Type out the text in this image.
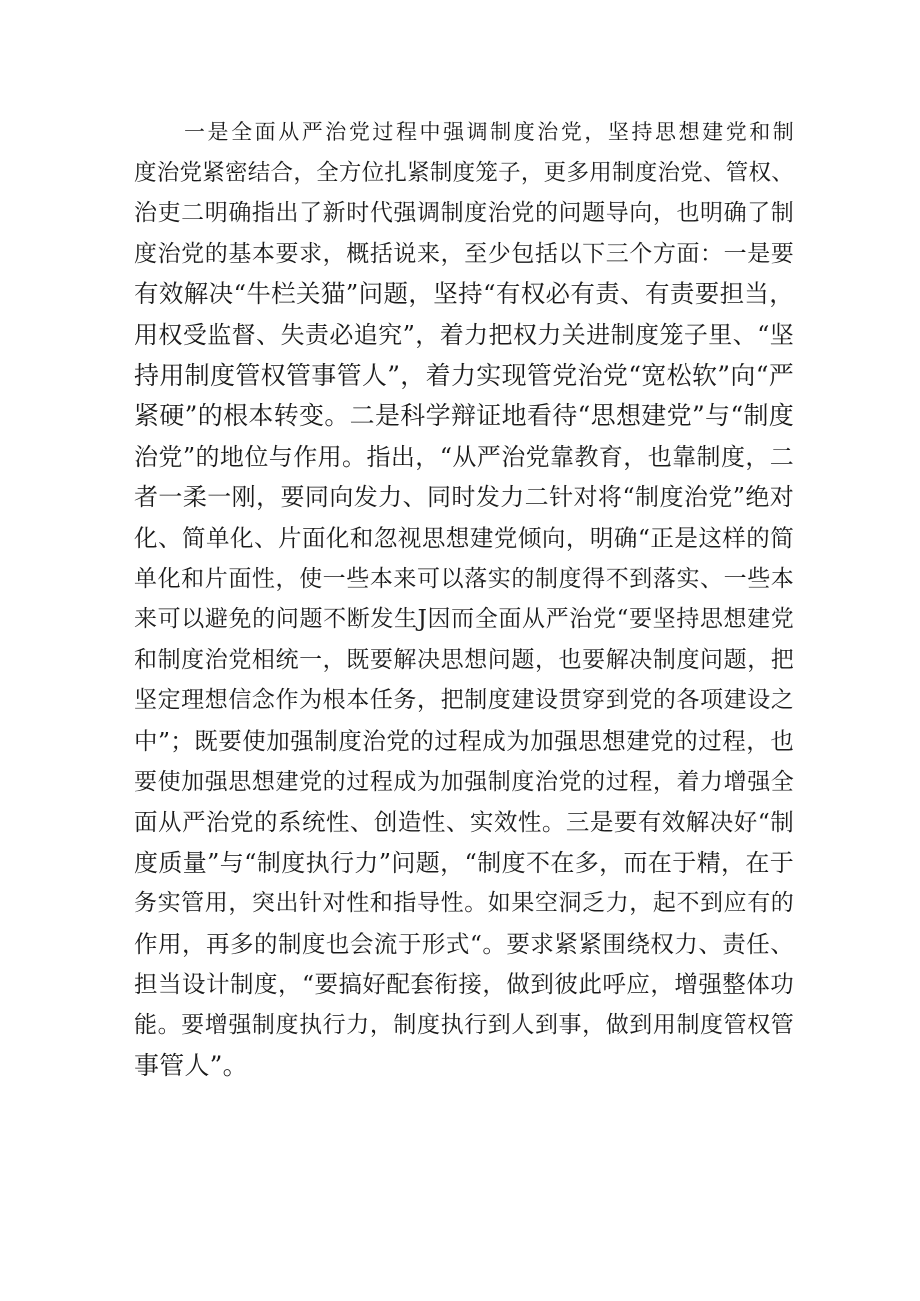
一是全面从严治党过程中强调制度治党，坚持思想建党和制
度治党紧密结合，全方位扎紧制度笼子，更多用制度治党、管权、
治吏二明确指出了新时代强调制度治党的问题导向，也明确了制
度治党的基本要求，概括说来，至少包括以下三个方面：一是要
有效解决“牛栏关猫”问题，坚持“有权必有责、有责要担当，
用权受监督、失责必追究”，着力把权力关进制度笼子里、“坚
持用制度管权管事管人”，着力实现管党治党“宽松软”向“严
紧硬”的根本转变。二是科学辩证地看待“思想建党”与“制度
治党”的地位与作用。指出，“从严治党靠教育，也靠制度，二
者一柔一刚，要同向发力、同时发力二针对将“制度治党”绝对
化、简单化、片面化和忽视思想建党倾向，明确“正是这样的简
单化和片面性，使一些本来可以落实的制度得不到落实、一些本
来可以避免的问题不断发生J因而全面从严治党“要坚持思想建党
和制度治党相统一，既要解决思想问题，也要解决制度问题，把
坚定理想信念作为根本任务，把制度建设贯穿到党的各项建设之
中”；既要使加强制度治党的过程成为加强思想建党的过程，也
要使加强思想建党的过程成为加强制度治党的过程，着力增强全
面从严治党的系统性、创造性、实效性。三是要有效解决好“制
度质量”与“制度执行力”问题，“制度不在多，而在于精，在于
务实管用，突出针对性和指导性。如果空洞乏力，起不到应有的
作用，再多的制度也会流于形式“。要求紧紧围绕权力、责任、
担当设计制度，“要搞好配套衔接，做到彼此呼应，增强整体功
能。要增强制度执行力，制度执行到人到事，做到用制度管权管
事管人”。
